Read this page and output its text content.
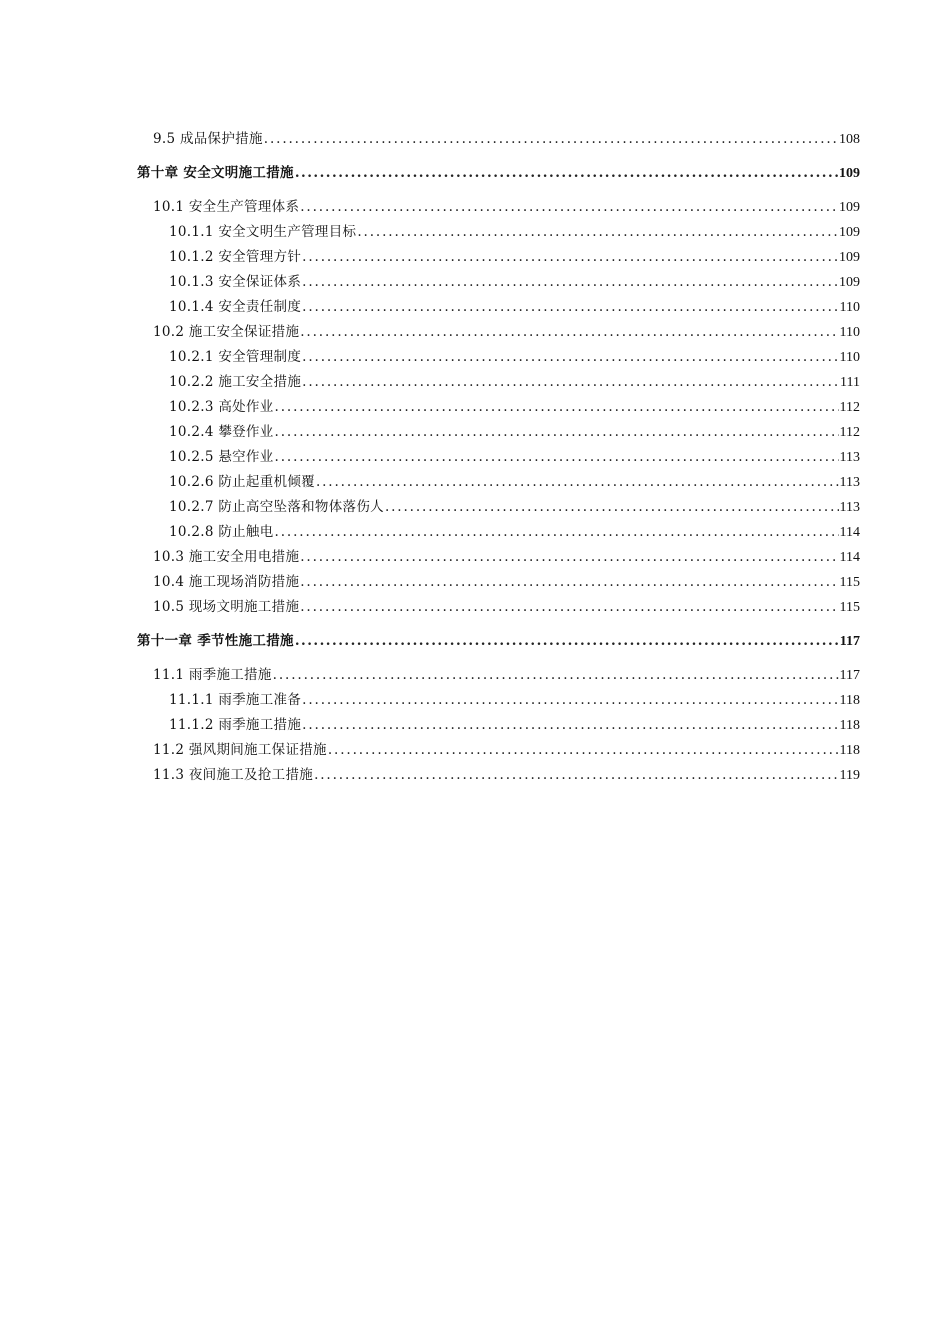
9.5 成品保护措施 . . .	108
第十章 安全文明施工措施 . . .	109
10.1 安全生产管理体系 . . .	109
10.1.1 安全文明生产管理目标 . . .	109
10.1.2 安全管理方针 . . .	109
10.1.3 安全保证体系 . . .	109
10.1.4 安全责任制度 . . .	110
10.2 施工安全保证措施 . . .	110
10.2.1 安全管理制度 . . .	110
10.2.2 施工安全措施 . . .	111
10.2.3 高处作业 . . .	112
10.2.4 攀登作业 . . .	112
10.2.5 悬空作业 . . .	113
10.2.6 防止起重机倾覆 . . .	113
10.2.7 防止高空坠落和物体落伤人 . . .	113
10.2.8 防止触电 . . .	114
10.3 施工安全用电措施 . . .	114
10.4 施工现场消防措施 . . .	115
10.5 现场文明施工措施 . . .	115
第十一章 季节性施工措施 . . .	117
11.1 雨季施工措施 . . .	117
11.1.1 雨季施工准备 . . .	118
11.1.2 雨季施工措施 . . .	118
11.2 强风期间施工保证措施 . . .	118
11.3 夜间施工及抢工措施 . . .	119
